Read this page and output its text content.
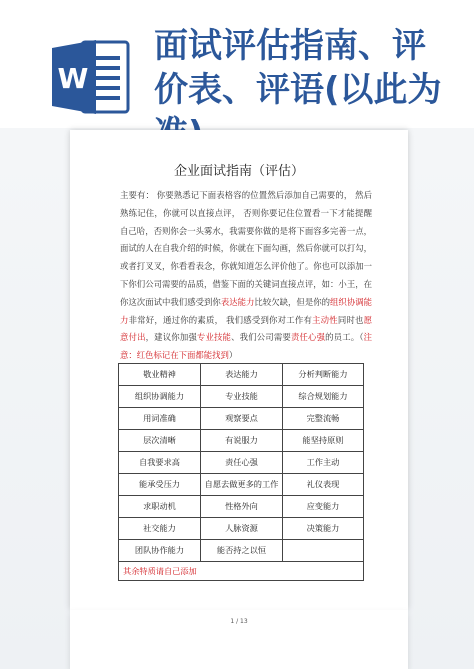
W
面试评估指南、评
价表、评语(以此为
企业面试指南（评估）
主要有： 你要熟悉记下面表格容的位置然后添加自己需要的， 然后熟练记住，你就可以直接点评， 否则你要记住位置看一下才能提醒自己哈，否则你会一头雾水，我需要你做的是将下面容多完善一点，面试的人在自我介绍的时候，你就在下面勾画，然后你就可以打勾，或者打叉叉，你看看表念，你就知道怎么评价他了。你也可以添加一下你们公司需要的品质，借鉴下面的关键词直接点评，如：小王，在你这次面试中我们感受到你表达能力比较欠缺，但是你的组织协调能力非常好，通过你的素质， 我们感受到你对工作有主动性同时也愿意付出，建议你加强专业技能、我们公司需要责任心强的员工。（注意：红色标记在下面都能找到）
敬业精神	表达能力	分析判断能力
组织协调能力	专业技能	综合规划能力
用词准确	观察要点	完整流畅
层次清晰	有说服力	能坚持原则
自我要求高	责任心强	工作主动
能承受压力	自愿去做更多的工作	礼仪表现
求职动机	性格外向	应变能力
社交能力	人脉资源	决策能力
团队协作能力	能否持之以恒	
其余特质请自己添加		
1 / 13
